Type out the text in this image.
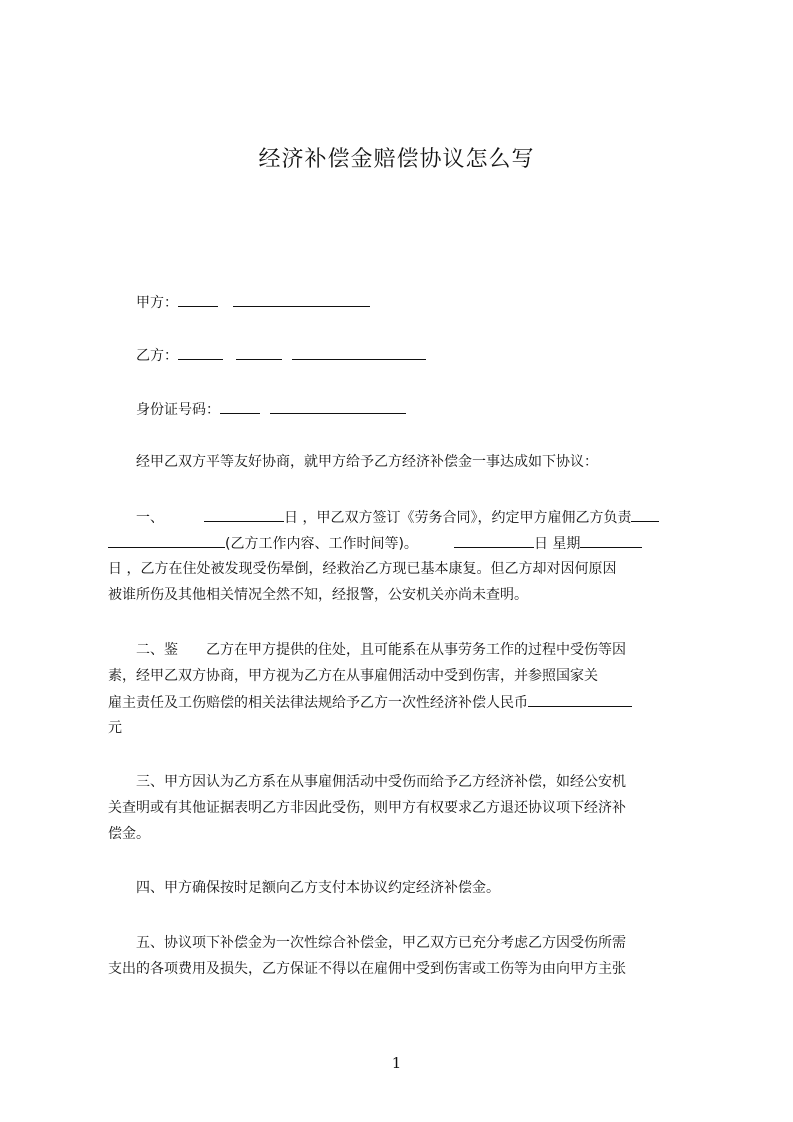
经济补偿金赔偿协议怎么写
甲方：
乙方：
身份证号码：
经甲乙双方平等友好协商，就甲方给予乙方经济补偿金一事达成如下协议：
一、	日 ，甲乙双方签订《劳务合同》，约定甲方雇佣乙方负责
(乙方工作内容、工作时间等)。	日 星期
日 ，乙方在住处被发现受伤晕倒，经救治乙方现已基本康复。但乙方却对因何原因
被谁所伤及其他相关情况全然不知，经报警，公安机关亦尚未查明。
二、鉴 乙方在甲方提供的住处，且可能系在从事劳务工作的过程中受伤等因
素，经甲乙双方协商，甲方视为乙方在从事雇佣活动中受到伤害，并参照国家关
雇主责任及工伤赔偿的相关法律法规给予乙方一次性经济补偿人民币
元
三、甲方因认为乙方系在从事雇佣活动中受伤而给予乙方经济补偿，如经公安机
关查明或有其他证据表明乙方非因此受伤，则甲方有权要求乙方退还协议项下经济补
偿金。
四、甲方确保按时足额向乙方支付本协议约定经济补偿金。
五、协议项下补偿金为一次性综合补偿金，甲乙双方已充分考虑乙方因受伤所需
支出的各项费用及损失，乙方保证不得以在雇佣中受到伤害或工伤等为由向甲方主张
1
